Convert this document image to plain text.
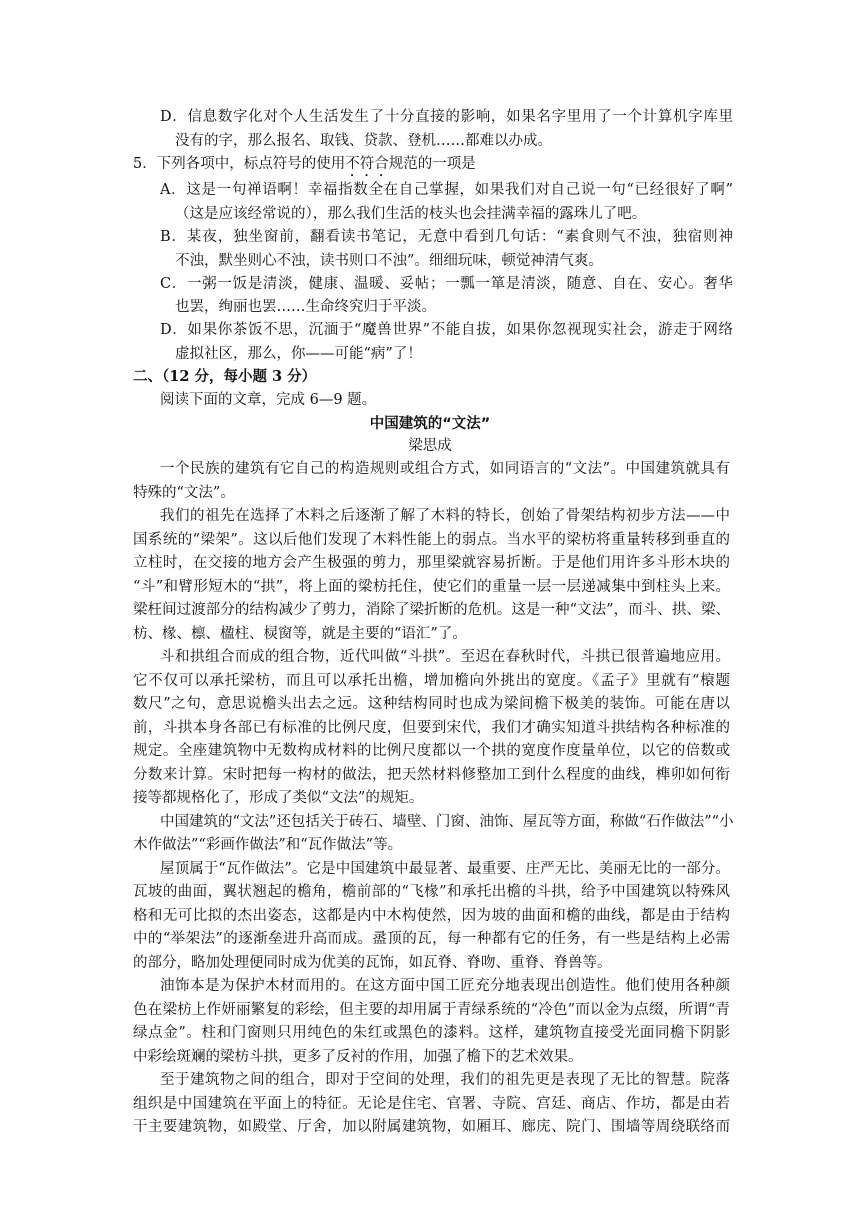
D．信息数字化对个人生活发生了十分直接的影响，如果名字里用了一个计算机字库里
没有的字，那么报名、取钱、贷款、登机……都难以办成。
5．下列各项中，标点符号的使用不符合规范的一项是
A．这是一句禅语啊！幸福指数全在自己掌握，如果我们对自己说一句“已经很好了啊”
（这是应该经常说的），那么我们生活的枝头也会挂满幸福的露珠儿了吧。
B．某夜，独坐窗前，翻看读书笔记，无意中看到几句话：“素食则气不浊，独宿则神
不浊，默坐则心不浊，读书则口不浊”。细细玩味，顿觉神清气爽。
C．一粥一饭是清淡，健康、温暖、妥帖；一瓢一箪是清淡，随意、自在、安心。奢华
也罢，绚丽也罢……生命终究归于平淡。
D．如果你茶饭不思，沉湎于“魔兽世界”不能自拔，如果你忽视现实社会，游走于网络
虚拟社区，那么，你——可能“病”了！
二、（12 分，每小题 3 分）
阅读下面的文章，完成 6—9 题。
中国建筑的“文法”
梁思成
一个民族的建筑有它自己的构造规则或组合方式，如同语言的“文法”。中国建筑就具有
特殊的“文法”。
我们的祖先在选择了木料之后逐渐了解了木料的特长，创始了骨架结构初步方法——中
国系统的“梁架”。这以后他们发现了木料性能上的弱点。当水平的梁枋将重量转移到垂直的
立柱时，在交接的地方会产生极强的剪力，那里梁就容易折断。于是他们用许多斗形木块的
“斗”和臂形短木的“拱”，将上面的梁枋托住，使它们的重量一层一层递减集中到柱头上来。
梁枉间过渡部分的结构减少了剪力，消除了梁折断的危机。这是一种“文法”，而斗、拱、梁、
枋、椽、檩、楹柱、棂窗等，就是主要的“语汇”了。
斗和拱组合而成的组合物，近代叫做“斗拱”。至迟在春秋时代，斗拱已很普遍地应用。
它不仅可以承托梁枋，而且可以承托出檐，增加檐向外挑出的宽度。《孟子》里就有“榱题
数尺”之句，意思说檐头出去之远。这种结构同时也成为梁间檐下极美的装饰。可能在唐以
前，斗拱本身各部已有标准的比例尺度，但要到宋代，我们才确实知道斗拱结构各种标准的
规定。全座建筑物中无数构成材料的比例尺度都以一个拱的宽度作度量单位，以它的倍数或
分数来计算。宋时把每一构材的做法，把天然材料修整加工到什么程度的曲线，榫卯如何衔
接等都规格化了，形成了类似“文法”的规矩。
中国建筑的“文法”还包括关于砖石、墙壁、门窗、油饰、屋瓦等方面，称做“石作做法”“小
木作做法”“彩画作做法”和“瓦作做法”等。
屋顶属于“瓦作做法”。它是中国建筑中最显著、最重要、庄严无比、美丽无比的一部分。
瓦坡的曲面，翼状翘起的檐角，檐前部的“飞椽”和承托出檐的斗拱，给予中国建筑以特殊风
格和无可比拟的杰出姿态，这都是内中木构使然，因为坡的曲面和檐的曲线，都是由于结构
中的“举架法”的逐渐垒进升高而成。盝顶的瓦，每一种都有它的任务，有一些是结构上必需
的部分，略加处理便同时成为优美的瓦饰，如瓦脊、脊吻、重脊、脊兽等。
油饰本是为保护木材而用的。在这方面中国工匠充分地表现出创造性。他们使用各种颜
色在梁枋上作妍丽繁复的彩绘，但主要的却用属于青绿系统的“冷色”而以金为点缀，所谓“青
绿点金”。柱和门窗则只用纯色的朱红或黑色的漆料。这样，建筑物直接受光面同檐下阴影
中彩绘斑斓的梁枋斗拱，更多了反衬的作用，加强了檐下的艺术效果。
至于建筑物之间的组合，即对于空间的处理，我们的祖先更是表现了无比的智慧。院落
组织是中国建筑在平面上的特征。无论是住宅、官署、寺院、宫廷、商店、作坊，都是由若
干主要建筑物，如殿堂、厅舍，加以附属建筑物，如厢耳、廊庑、院门、围墙等周绕联络而
